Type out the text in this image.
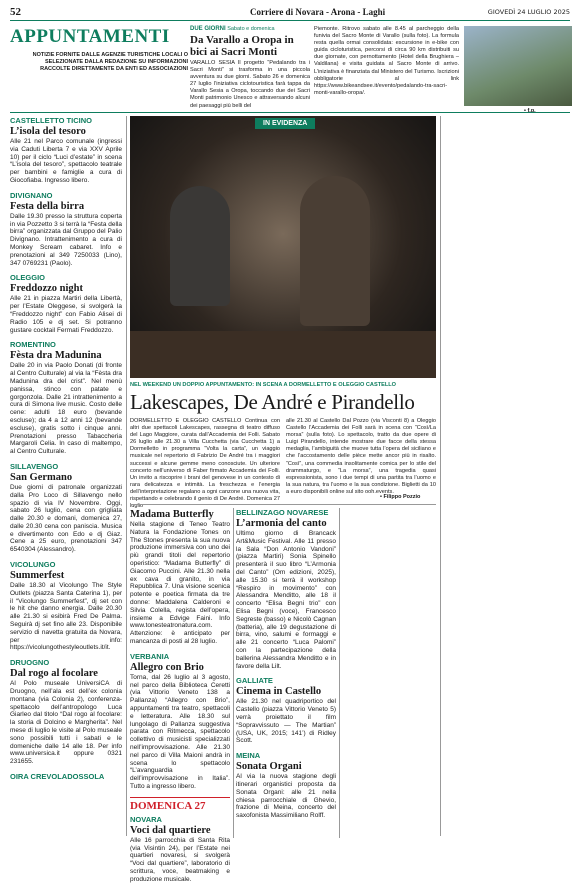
52	Corriere di Novara - Arona - Laghi	GIOVEDÌ 24 LUGLIO 2025
APPUNTAMENTI
NOTIZIE FORNITE DALLE AGENZIE TURISTICHE LOCALI O SELEZIONATE DALLA REDAZIONE SU INFORMAZIONI RACCOLTE DIRETTAMENTE DA ENTI ED ASSOCIAZIONI
DUE GIORNI Sabato e domenica
Da Varallo a Oropa in bici ai Sacri Monti
VARALLO SESIA Il progetto “Pedalando tra i Sacri Monti” si trasforma in una piccola avventura su due giorni. Sabato 26 e domenica 27 luglio l’iniziativa ciclotouristica farà tappa da Varallo Sesia a Oropa, toccando due dei Sacri Monti patrimonio Unesco e attraversando alcuni dei paesaggi più belli del
Piemonte. Ritrovo sabato alle 8.45 al parcheggio della funivia del Sacro Monte di Varallo (sulla foto). La formula resta quella ormai consolidata: escursione in e-bike con guida cicloturistica, percorsi di circa 90 km distribuiti su due giornate, con pernottamento (Hotel della Brughiera – Valdilana) e visita guidata al Sacro Monte di arrivo. L’iniziativa è finanziata dal Ministero del Turismo. Iscrizioni obbligatorie al link https://www.bikeandsee.it/evento/pedalando-tra-sacri-monti-varallo-oropa/.
• f.p.
CASTELLETTO TICINO
L’isola del tesoro
Alle 21 nel Parco comunale (ingressi via Caduti Liberta 7 e via XXV Aprile 10) per il ciclo “Luci d’estate” in scena “L’isola del tesoro”, spettacolo teatrale per bambini e famiglie a cura di Giocofiaba. Ingresso libero.
DIVIGNANO
Festa della birra
Dalle 19.30 presso la struttura coperta in via Pozzetto 3 si terrà la “Festa della birra” organizzata dal Gruppo del Palio Divignano. Intrattenimento a cura di Monkey Scream cabaret. Info e prenotazioni al 349 7250033 (Lino), 347 0769231 (Paolo).
OLEGGIO
Freddozzo night
Alle 21 in piazza Martiri della Libertà, per l’Estate Oleggese, si svolgerà la “Freddozzo night” con Fabio Alisei di Radio 105 e dj set. Si potranno gustare cocktail Fermati Freddozzo.
ROMENTINO
Fèsta dra Madunina
Dalle 20 in via Paolo Donati (di fronte al Centro Culturale) al via la “Fèsta dra Madunina dra del crist”. Nel menù panissa, stinco con patate e gorgonzola. Dalle 21 intrattenimento a cura di Simona live music. Costo delle cene: adulti 18 euro (bevande escluse); da 4 a 12 anni 12 (bevande escluse), gratis sotto i cinque anni. Prenotazioni presso Tabaccheria Margaroli Celia. In caso di maltempo, al Centro Culturale.
SILLAVENGO
San Germano
Due giorni di patronale organizzati dalla Pro Loco di Sillavengo nello spazio di via IV Novembre. Oggi, sabato 26 luglio, cena con grigliata dalle 20.30 e domani, domenica 27, dalle 20.30 cena con paniscia. Musica e divertimento con Edo e dj Giaz. Cene a 25 euro, prenotazioni 347 6540304 (Alessandro).
VICOLUNGO
Summerfest
Dalle 18.30 al Vicolungo The Style Outlets (piazza Santa Caterina 1), per il “Vicolungo Summerfest”, dj set con le hit che danno energia. Dalle 20.30 alle 21.30 si esibirà Fred De Palma. Seguirà dj set fino alle 23. Disponibile servizio di navetta gratuita da Novara, per info: https://vicolungothestyleoutlets.it/it.
DRUOGNO
Dal rogo al focolare
Al Polo museale UniversiCA di Druogno, nell’ala est dell’ex colonia montana (via Colonia 2), conferenza-spettacolo dell’antropologo Luca Giarleo dal titolo “Dal rogo al focolare: la storia di Dolcino e Margherita”. Nel mese di luglio le visite al Polo museale sono possibili tutti i sabati e le domeniche dalle 14 alle 18. Per info www.universica.it oppure 0321 231655.
OIRA CREVOLADOSSOLA
IN EVIDENZA
NEL WEEKEND UN DOPPIO APPUNTAMENTO: IN SCENA A DORMELLETTO E OLEGGIO CASTELLO
Lakescapes, De André e Pirandello
DORMELLETTO E OLEGGIO CASTELLO Continua con altri due spettacoli Lakescapes, rassegna di teatro diffuso del Lago Maggiore, curata dall’Accademia dei Folli. Sabato 26 luglio alle 21.30 a Villa Cucchetta (via Cucchetta 1) a Dormelletto in programma “Volta la carta”, un viaggio musicale nel repertorio di Fabrizio De André tra i maggiori successi e alcune gemme meno conosciute. Un ulteriore concerto nell’universo di Faber firmato Accademia dei Folli. Un invito a riscoprire i brani del genovese in un contesto di rara delicatezza e intimità. La freschezza e l’energia dell’interpretazione regalano a ogni canzone una nuova vita, rispettando e celebrando il genio di De André. Domenica 27 luglio
alle 21.30 al Castello Dal Pozzo (via Visconti 8) a Oleggio Castello l’Accademia dei Folli sarà in scena con “Così/La morsa” (sulla foto). Lo spettacolo, tratto da due opere di Luigi Pirandello, intende mostrare due facce della stessa medaglia, l’ambiguità che muove tutta l’opera del siciliano e che l’accostamento delle pièce mette ancor più in risalto. “Così”, una commedia insolitamente comica per lo stile del drammaturgo, e “La morsa”, una tragedia quasi espressionista, sono i due tempi di una partita tra l’uomo e la sua natura, tra l’uomo e la sua condizione. Biglietti da 10 a euro disponibili online sul sito ooh.events.
• Filippo Pozzio
Madama Butterfly
Nella stagione di Teneo Teatro Natura la Fondazione Tones on The Stones presenta la sua nuova produzione immersiva con uno dei più grandi titoli del repertorio operistico: “Madama Butterfly” di Giacomo Puccini. Alle 21.30 nella ex cava di granito, in via Repubblica 7. Una visione scenica potente e poetica firmata da tre donne: Maddalena Calderoni e Silvia Colella, regista dell’opera, insieme a Edvige Faini. Info www.tonesteatronatura.com. Attenzione: è anticipato per mancanza di posti al 28 luglio.
VERBANIA
Allegro con Brio
Torna, dal 26 luglio al 3 agosto, nel parco della Biblioteca Ceretti (via Vittorio Veneto 138 a Pallanza) “Allegro con Brio”, appuntamenti tra teatro, spettacoli e letteratura. Alle 18.30 sul lungolago di Pallanza suggestiva parata con Ritmecca, spettacolo collettivo di musicisti specializzati nell’improvvisazione. Alle 21.30 nel parco di Villa Maioni andrà in scena lo spettacolo “L’avanguardia dell’improvvisazione in Italia”. Tutto a ingresso libero.
DOMENICA 27
NOVARA
Voci dal quartiere
Alle 16 parrocchia di Santa Rita (via Visintin 24), per l’Estate nei quartieri novaresi, si svolgerà “Voci dal quartiere”, laboratorio di scrittura, voce, beatmaking e produzione musicale.
BELLINZAGO NOVARESE
L’armonia del canto
Ultimo giorno di Brancack Art&Music Festival. Alle 11 presso la Sala “Don Antonio Vandoni” (piazza Martiri) Sonia Spinello presenterà il suo libro “L’Armonia del Canto” (Om edizioni, 2025), alle 15.30 si terrà il workshop “Respiro in movimento” con Alessandra Menditto, alle 18 il concerto “Elisa Begni trio” con Elisa Begni (voce), Francesco Segreste (basso) e Nicolò Cagnan (batteria), alle 19 degustazione di birra, vino, salumi e formaggi e alle 21 concerto “Luca Palomi” con la partecipazione della ballerina Alessandra Menditto e in favore della Lilt.
GALLIATE
Cinema in Castello
Alle 21.30 nel quadriportico del Castello (piazza Vittorio Veneto 5) verrà proiettato il film “Sopravvissuto — The Martian” (USA, UK, 2015; 141’) di Ridley Scott.
MEINA
Sonata Organi
Al via la nuova stagione degli itinerari organistici proposta da Sonata Organi: alle 21 nella chiesa parrocchiale di Ghevio, frazione di Meina, concerto del saxofonista Massimiliano Rolff.
